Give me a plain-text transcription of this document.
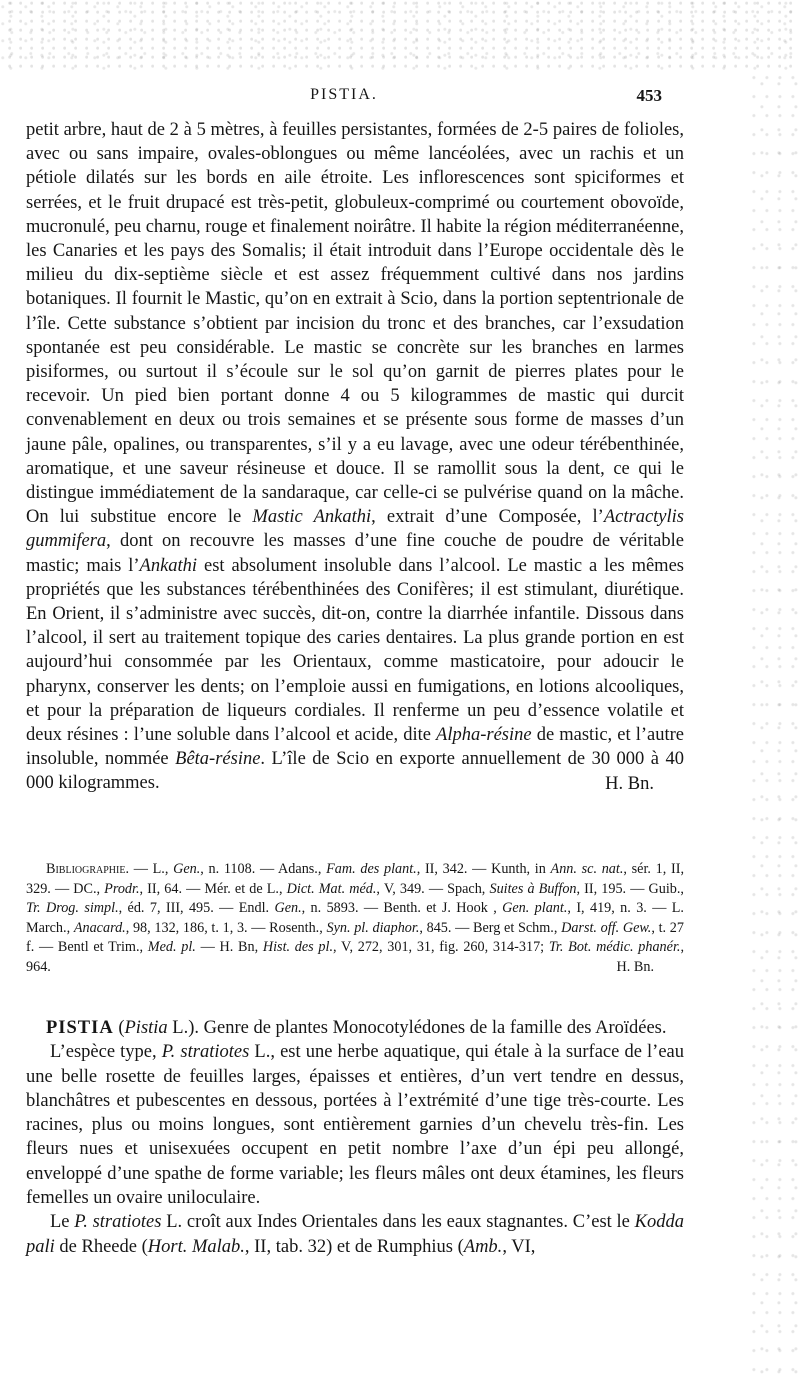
PISTIA.	453

petit arbre, haut de 2 à 5 mètres, à feuilles persistantes, formées de 2-5 paires de folioles, avec ou sans impaire, ovales-oblongues ou même lancéolées, avec un rachis et un pétiole dilatés sur les bords en aile étroite. Les inflorescences sont spiciformes et serrées, et le fruit drupacé est très-petit, globuleux-comprimé ou courtement obovoïde, mucronulé, peu charnu, rouge et finalement noirâtre. Il habite la région méditerranéenne, les Canaries et les pays des Somalis; il était introduit dans l’Europe occidentale dès le milieu du dix-septième siècle et est assez fréquemment cultivé dans nos jardins botaniques. Il fournit le Mastic, qu’on en extrait à Scio, dans la portion septentrionale de l’île. Cette substance s’obtient par incision du tronc et des branches, car l’exsudation spontanée est peu considérable. Le mastic se concrète sur les branches en larmes pisiformes, ou surtout il s’écoule sur le sol qu’on garnit de pierres plates pour le recevoir. Un pied bien portant donne 4 ou 5 kilogrammes de mastic qui durcit convenablement en deux ou trois semaines et se présente sous forme de masses d’un jaune pâle, opalines, ou transparentes, s’il y a eu lavage, avec une odeur térébenthinée, aromatique, et une saveur résineuse et douce. Il se ramollit sous la dent, ce qui le distingue immédiatement de la sandaraque, car celle-ci se pulvérise quand on la mâche. On lui substitue encore le Mastic Ankathi, extrait d’une Composée, l’Actractylis gummifera, dont on recouvre les masses d’une fine couche de poudre de véritable mastic; mais l’Ankathi est absolument insoluble dans l’alcool. Le mastic a les mêmes propriétés que les substances térébenthinées des Conifères; il est stimulant, diurétique. En Orient, il s’administre avec succès, dit-on, contre la diarrhée infantile. Dissous dans l’alcool, il sert au traitement topique des caries dentaires. La plus grande portion en est aujourd’hui consommée par les Orientaux, comme masticatoire, pour adoucir le pharynx, conserver les dents; on l’emploie aussi en fumigations, en lotions alcooliques, et pour la préparation de liqueurs cordiales. Il renferme un peu d’essence volatile et deux résines : l’une soluble dans l’alcool et acide, dite Alpha-résine de mastic, et l’autre insoluble, nommée Bêta-résine. L’île de Scio en exporte annuellement de 30 000 à 40 000 kilogrammes.	H. Bn.

Bibliographie. — L., Gen., n. 1108. — Adans., Fam. des plant., II, 342. — Kunth, in Ann. sc. nat., sér. 1, II, 329. — DC., Prodr., II, 64. — Mér. et de L., Dict. Mat. méd., V, 349. — Spach, Suites à Buffon, II, 195. — Guib., Tr. Drog. simpl., éd. 7, III, 495. — Endl. Gen., n. 5893. — Benth. et J. Hook , Gen. plant., I, 419, n. 3. — L. March., Anacard., 98, 132, 186, t. 1, 3. — Rosenth., Syn. pl. diaphor., 845. — Berg et Schm., Darst. off. Gew., t. 27 f. — Bentl et Trim., Med. pl. — H. Bn, Hist. des pl., V, 272, 301, 31, fig. 260, 314-317; Tr. Bot. médic. phanér., 964.	H. Bn.

PISTIA (Pistia L.). Genre de plantes Monocotylédones de la famille des Aroïdées.

L’espèce type, P. stratiotes L., est une herbe aquatique, qui étale à la surface de l’eau une belle rosette de feuilles larges, épaisses et entières, d’un vert tendre en dessus, blanchâtres et pubescentes en dessous, portées à l’extrémité d’une tige très-courte. Les racines, plus ou moins longues, sont entièrement garnies d’un chevelu très-fin. Les fleurs nues et unisexuées occupent en petit nombre l’axe d’un épi peu allongé, enveloppé d’une spathe de forme variable; les fleurs mâles ont deux étamines, les fleurs femelles un ovaire uniloculaire.

Le P. stratiotes L. croît aux Indes Orientales dans les eaux stagnantes. C’est le Kodda pali de Rheede (Hort. Malab., II, tab. 32) et de Rumphius (Amb., VI,
